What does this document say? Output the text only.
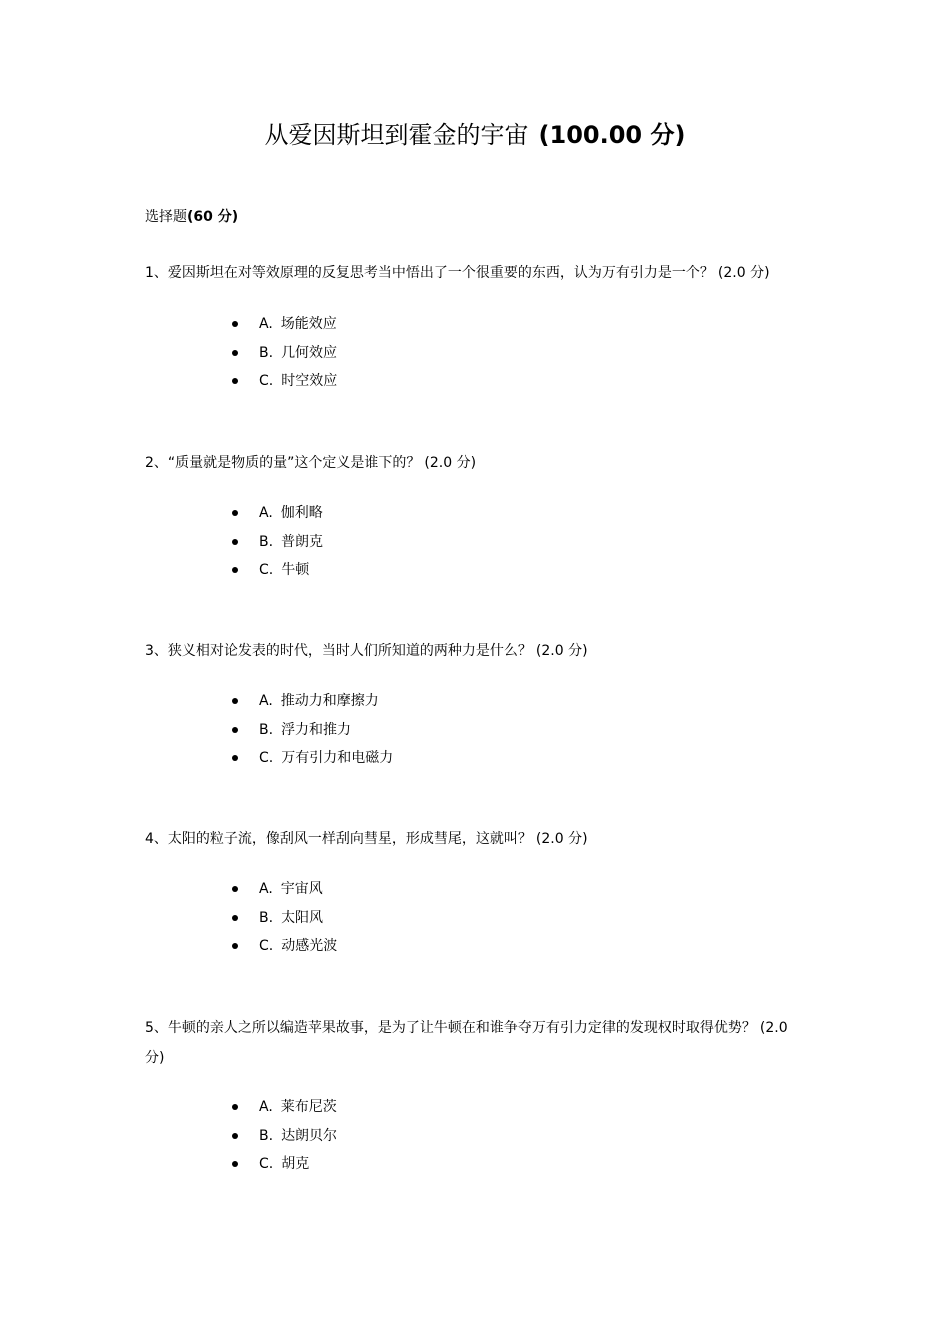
从爱因斯坦到霍金的宇宙 (100.00 分)
选择题(60 分)
1、爱因斯坦在对等效原理的反复思考当中悟出了一个很重要的东西，认为万有引力是一个？ (2.0 分)
A. 场能效应
B. 几何效应
C. 时空效应
2、“质量就是物质的量”这个定义是谁下的？ (2.0 分)
A. 伽利略
B. 普朗克
C. 牛顿
3、狭义相对论发表的时代，当时人们所知道的两种力是什么？ (2.0 分)
A. 推动力和摩擦力
B. 浮力和推力
C. 万有引力和电磁力
4、太阳的粒子流，像刮风一样刮向彗星，形成彗尾，这就叫？ (2.0 分)
A. 宇宙风
B. 太阳风
C. 动感光波
5、牛顿的亲人之所以编造苹果故事，是为了让牛顿在和谁争夺万有引力定律的发现权时取得优势？ (2.0 分)
A. 莱布尼茨
B. 达朗贝尔
C. 胡克
